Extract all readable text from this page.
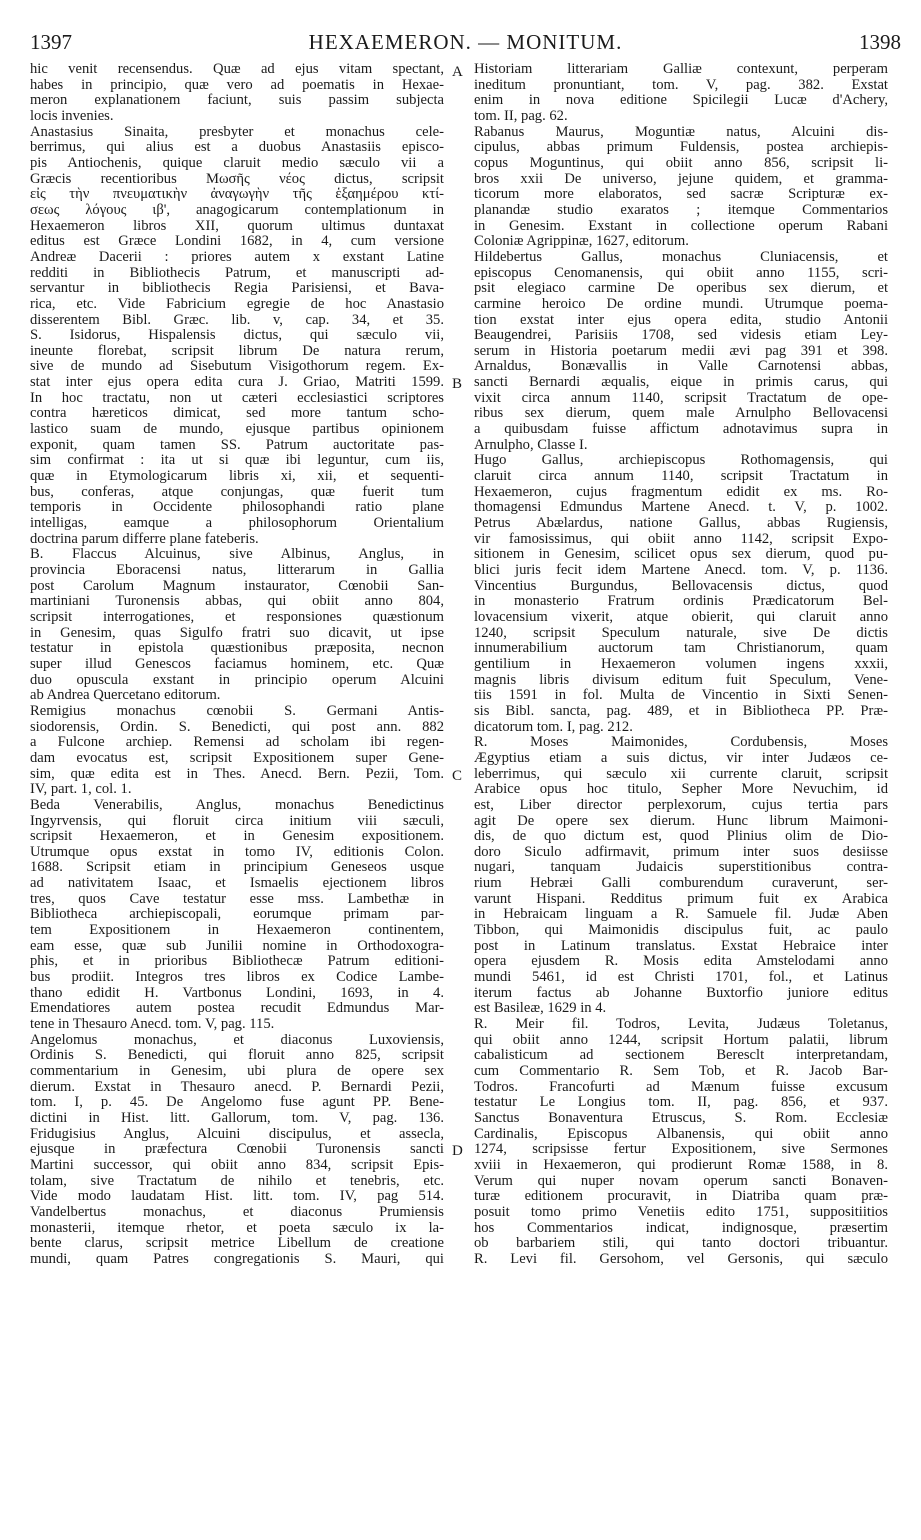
1397	HEXAEMERON. — MONITUM.	1398
A
B
C
D
hic venit recensendus. Quæ ad ejus vitam spectant,
habes in principio, quæ vero ad poematis in Hexae-
meron explanationem faciunt, suis passim subjecta
locis invenies.
Anastasius Sinaita, presbyter et monachus cele-
berrimus, qui alius est a duobus Anastasiis episco-
pis Antiochenis, quique claruit medio sæculo vii a
Græcis recentioribus Μωσῆς νέος dictus, scripsit
εἰς τὴν πνευματικὴν ἀναγωγὴν τῆς ἑξαημέρου κτί-
σεως λόγους ιβ', anagogicarum contemplationum in
Hexaemeron libros XII, quorum ultimus duntaxat
editus est Græce Londini 1682, in 4, cum versione
Andreæ Dacerii : priores autem x exstant Latine
redditi in Bibliothecis Patrum, et manuscripti ad-
servantur in bibliothecis Regia Parisiensi, et Bava-
rica, etc. Vide Fabricium egregie de hoc Anastasio
disserentem Bibl. Græc. lib. v, cap. 34, et 35.
S. Isidorus, Hispalensis dictus, qui sæculo vii,
ineunte florebat, scripsit librum De natura rerum,
sive de mundo ad Sisebutum Visigothorum regem. Ex-
stat inter ejus opera edita cura J. Griao, Matriti 1599.
In hoc tractatu, non ut cæteri ecclesiastici scriptores
contra hæreticos dimicat, sed more tantum scho-
lastico suam de mundo, ejusque partibus opinionem
exponit, quam tamen SS. Patrum auctoritate pas-
sim confirmat : ita ut si quæ ibi leguntur, cum iis,
quæ in Etymologicarum libris xi, xii, et sequenti-
bus, conferas, atque conjungas, quæ fuerit tum
temporis in Occidente philosophandi ratio plane
intelligas, eamque a philosophorum Orientalium
doctrina parum differre plane fateberis.
B. Flaccus Alcuinus, sive Albinus, Anglus, in
provincia Eboracensi natus, litterarum in Gallia
post Carolum Magnum instaurator, Cœnobii San-
martiniani Turonensis abbas, qui obiit anno 804,
scripsit interrogationes, et responsiones quæstionum
in Genesim, quas Sigulfo fratri suo dicavit, ut ipse
testatur in epistola quæstionibus præposita, necnon
super illud Genescos faciamus hominem, etc. Quæ
duo opuscula exstant in principio operum Alcuini
ab Andrea Quercetano editorum.
Remigius monachus cœnobii S. Germani Antis-
siodorensis, Ordin. S. Benedicti, qui post ann. 882
a Fulcone archiep. Remensi ad scholam ibi regen-
dam evocatus est, scripsit Expositionem super Gene-
sim, quæ edita est in Thes. Anecd. Bern. Pezii, Tom.
IV, part. 1, col. 1.
Beda Venerabilis, Anglus, monachus Benedictinus
Ingyrvensis, qui floruit circa initium viii sæculi,
scripsit Hexaemeron, et in Genesim expositionem.
Utrumque opus exstat in tomo IV, editionis Colon.
1688. Scripsit etiam in principium Geneseos usque
ad nativitatem Isaac, et Ismaelis ejectionem libros
tres, quos Cave testatur esse mss. Lambethæ in
Bibliotheca archiepiscopali, eorumque primam par-
tem Expositionem in Hexaemeron continentem,
eam esse, quæ sub Junilii nomine in Orthodoxogra-
phis, et in prioribus Bibliothecæ Patrum editioni-
bus prodiit. Integros tres libros ex Codice Lambe-
thano edidit H. Vartbonus Londini, 1693, in 4.
Emendatiores autem postea recudit Edmundus Mar-
tene in Thesauro Anecd. tom. V, pag. 115.
Angelomus monachus, et diaconus Luxoviensis,
Ordinis S. Benedicti, qui floruit anno 825, scripsit
commentarium in Genesim, ubi plura de opere sex
dierum. Exstat in Thesauro anecd. P. Bernardi Pezii,
tom. I, p. 45. De Angelomo fuse agunt PP. Bene-
dictini in Hist. litt. Gallorum, tom. V, pag. 136.
Fridugisius Anglus, Alcuini discipulus, et assecla,
ejusque in præfectura Cœnobii Turonensis sancti
Martini successor, qui obiit anno 834, scripsit Epis-
tolam, sive Tractatum de nihilo et tenebris, etc.
Vide modo laudatam Hist. litt. tom. IV, pag 514.
Vandelbertus monachus, et diaconus Prumiensis
monasterii, itemque rhetor, et poeta sæculo ix la-
bente clarus, scripsit metrice Libellum de creatione
mundi, quam Patres congregationis S. Mauri, qui
Historiam litterariam Galliæ contexunt, perperam
ineditum pronuntiant, tom. V, pag. 382. Exstat
enim in nova editione Spicilegii Lucæ d'Achery,
tom. II, pag. 62.
Rabanus Maurus, Moguntiæ natus, Alcuini dis-
cipulus, abbas primum Fuldensis, postea archiepis-
copus Moguntinus, qui obiit anno 856, scripsit li-
bros xxii De universo, jejune quidem, et grammа-
ticorum more elaboratos, sed sacræ Scripturæ ex-
planandæ studio exaratos ; itemque Commentarios
in Genesim. Exstant in collectione operum Rabani
Coloniæ Agrippinæ, 1627, editorum.
Hildebertus Gallus, monachus Cluniacensis, et
episcopus Cenomanensis, qui obiit anno 1155, scri-
psit elegiaco carmine De operibus sex dierum, et
carmine heroico De ordine mundi. Utrumque poema-
tion exstat inter ejus opera edita, studio Antonii
Beaugendrei, Parisiis 1708, sed videsis etiam Ley-
serum in Historia poetarum medii ævi pag 391 et 398.
Arnaldus, Bonævallis in Valle Carnotensi abbas,
sancti Bernardi æqualis, eique in primis carus, qui
vixit circa annum 1140, scripsit Tractatum de ope-
ribus sex dierum, quem male Arnulpho Bellovacensi
a quibusdam fuisse affictum adnotavimus supra in
Arnulpho, Classe I.
Hugo Gallus, archiepiscopus Rothomagensis, qui
claruit circa annum 1140, scripsit Tractatum in
Hexaemeron, cujus fragmentum edidit ex ms. Ro-
thomagensi Edmundus Martene Anecd. t. V, p. 1002.
Petrus Abælardus, natione Gallus, abbas Rugiensis,
vir famosissimus, qui obiit anno 1142, scripsit Expo-
sitionem in Genesim, scilicet opus sex dierum, quod pu-
blici juris fecit idem Martene Anecd. tom. V, p. 1136.
Vincentius Burgundus, Bellovacensis dictus, quod
in monasterio Fratrum ordinis Prædicatorum Bel-
lovacensium vixerit, atque obierit, qui claruit anno
1240, scripsit Speculum naturale, sive De dictis
innumerabilium auctorum tam Christianorum, quam
gentilium in Hexaemeron volumen ingens xxxii,
magnis libris divisum editum fuit Speculum, Vene-
tiis 1591 in fol. Multa de Vincentio in Sixti Senen-
sis Bibl. sancta, pag. 489, et in Bibliotheca PP. Præ-
dicatorum tom. I, pag. 212.
R. Moses Maimonides, Cordubensis, Moses
Ægyptius etiam a suis dictus, vir inter Judæos ce-
leberrimus, qui sæculo xii currente claruit, scripsit
Arabice opus hoc titulo, Sepher More Nevuchim, id
est, Liber director perplexorum, cujus tertia pars
agit De opere sex dierum. Hunc librum Maimoni-
dis, de quo dictum est, quod Plinius olim de Dio-
doro Siculo adfirmavit, primum inter suos desiisse
nugari, tanquam Judaicis superstitionibus contra-
rium Hebræi Galli comburendum curaverunt, ser-
varunt Hispani. Redditus primum fuit ex Arabica
in Hebraicam linguam a R. Samuele fil. Judæ Aben
Tibbon, qui Maimonidis discipulus fuit, ac paulo
post in Latinum translatus. Exstat Hebraice inter
opera ejusdem R. Mosis edita Amstelodami anno
mundi 5461, id est Christi 1701, fol., et Latinus
iterum factus ab Johanne Buxtorfio juniore editus
est Basileæ, 1629 in 4.
R. Meir fil. Todros, Levita, Judæus Toletanus,
qui obiit anno 1244, scripsit Hortum palatii, librum
cabalisticum ad sectionem Beresclt interpretandam,
cum Commentario R. Sem Tob, et R. Jacob Bar-
Todros. Francofurti ad Mænum fuisse excusum
testatur Le Longius tom. II, pag. 856, et 937.
Sanctus Bonaventura Etruscus, S. Rom. Ecclesiæ
Cardinalis, Episcopus Albanensis, qui obiit anno
1274, scripsisse fertur Expositionem, sive Sermones
xviii in Hexaemeron, qui prodierunt Romæ 1588, in 8.
Verum qui nuper novam operum sancti Bonaven-
turæ editionem procuravit, in Diatriba quam præ-
posuit tomo primo Venetiis edito 1751, suppositiitios
hos Commentarios indicat, indignosque, præsertim
ob barbariem stili, qui tanto doctori tribuantur.
R. Levi fil. Gersohom, vel Gersonis, qui sæculo
